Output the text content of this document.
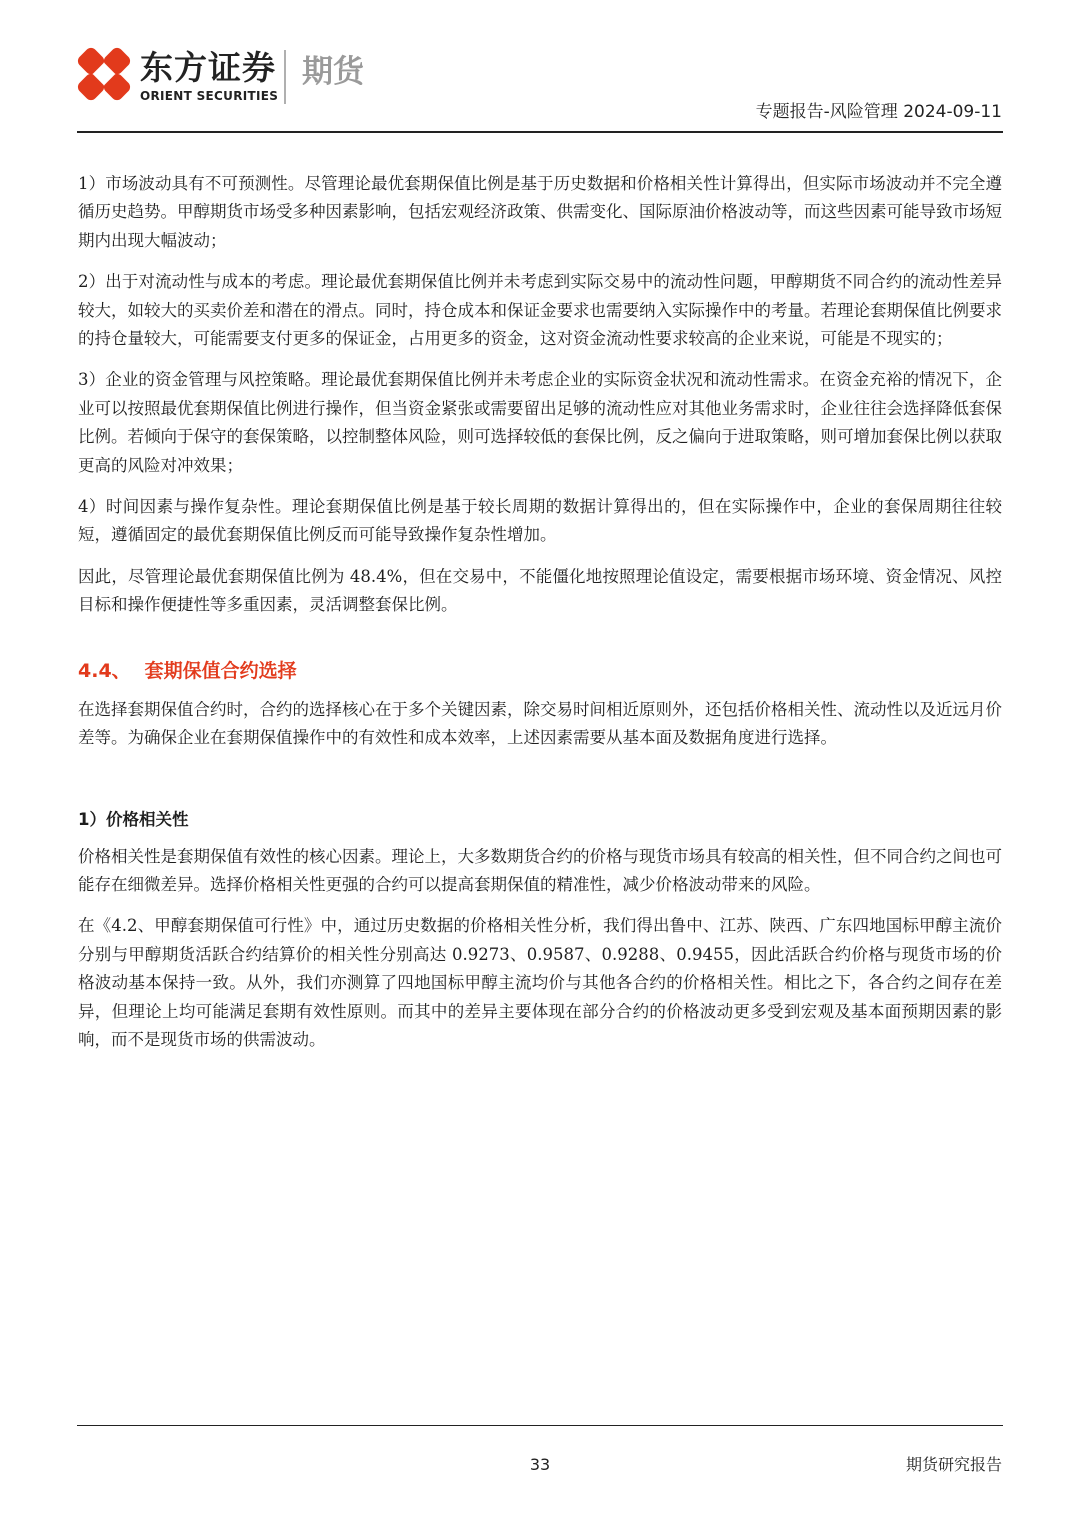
东方证券
ORIENT SECURITIES
期货
专题报告-风险管理 2024-09-11

1）市场波动具有不可预测性。尽管理论最优套期保值比例是基于历史数据和价格相关性计算得出，但实际市场波动并不完全遵循历史趋势。甲醇期货市场受多种因素影响，包括宏观经济政策、供需变化、国际原油价格波动等，而这些因素可能导致市场短期内出现大幅波动；

2）出于对流动性与成本的考虑。理论最优套期保值比例并未考虑到实际交易中的流动性问题，甲醇期货不同合约的流动性差异较大，如较大的买卖价差和潜在的滑点。同时，持仓成本和保证金要求也需要纳入实际操作中的考量。若理论套期保值比例要求的持仓量较大，可能需要支付更多的保证金，占用更多的资金，这对资金流动性要求较高的企业来说，可能是不现实的；

3）企业的资金管理与风控策略。理论最优套期保值比例并未考虑企业的实际资金状况和流动性需求。在资金充裕的情况下，企业可以按照最优套期保值比例进行操作，但当资金紧张或需要留出足够的流动性应对其他业务需求时，企业往往会选择降低套保比例。若倾向于保守的套保策略，以控制整体风险，则可选择较低的套保比例，反之偏向于进取策略，则可增加套保比例以获取更高的风险对冲效果；

4）时间因素与操作复杂性。理论套期保值比例是基于较长周期的数据计算得出的，但在实际操作中，企业的套保周期往往较短，遵循固定的最优套期保值比例反而可能导致操作复杂性增加。

因此，尽管理论最优套期保值比例为 48.4%，但在交易中，不能僵化地按照理论值设定，需要根据市场环境、资金情况、风控目标和操作便捷性等多重因素，灵活调整套保比例。

4.4、 套期保值合约选择

在选择套期保值合约时，合约的选择核心在于多个关键因素，除交易时间相近原则外，还包括价格相关性、流动性以及近远月价差等。为确保企业在套期保值操作中的有效性和成本效率，上述因素需要从基本面及数据角度进行选择。

1）价格相关性

价格相关性是套期保值有效性的核心因素。理论上，大多数期货合约的价格与现货市场具有较高的相关性，但不同合约之间也可能存在细微差异。选择价格相关性更强的合约可以提高套期保值的精准性，减少价格波动带来的风险。

在《4.2、甲醇套期保值可行性》中，通过历史数据的价格相关性分析，我们得出鲁中、江苏、陕西、广东四地国标甲醇主流价分别与甲醇期货活跃合约结算价的相关性分别高达 0.9273、0.9587、0.9288、0.9455，因此活跃合约价格与现货市场的价格波动基本保持一致。从外，我们亦测算了四地国标甲醇主流均价与其他各合约的价格相关性。相比之下，各合约之间存在差异，但理论上均可能满足套期有效性原则。而其中的差异主要体现在部分合约的价格波动更多受到宏观及基本面预期因素的影响，而不是现货市场的供需波动。

33	期货研究报告
